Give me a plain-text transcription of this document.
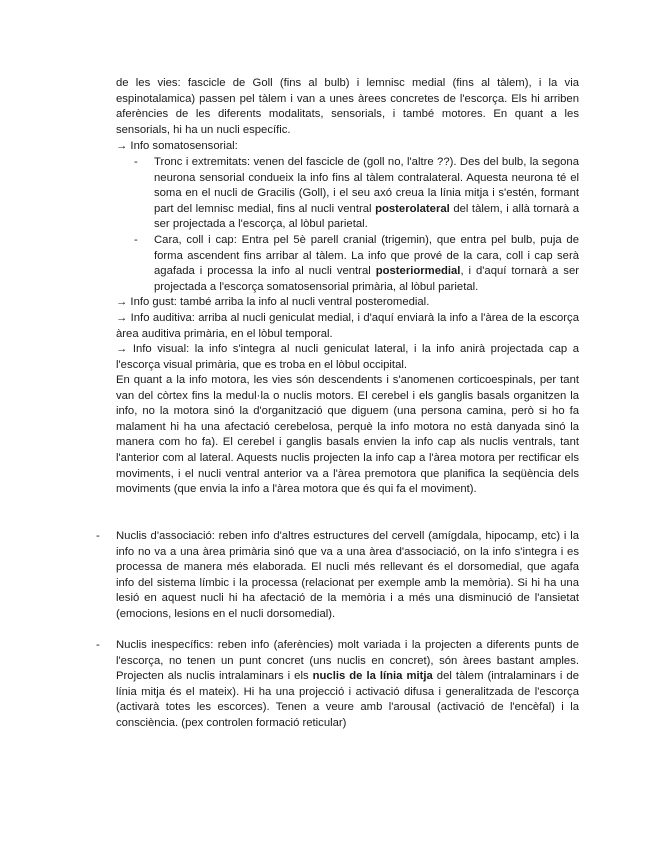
de les vies: fascicle de Goll (fins al bulb) i lemnisc medial (fins al tàlem), i la via espinotalamica) passen pel tàlem i van a unes àrees concretes de l'escorça. Els hi arriben aferències de les diferents modalitats, sensorials, i també motores. En quant a les sensorials, hi ha un nucli específic.

→ Info somatosensorial:

- Tronc i extremitats: venen del fascicle de (goll no, l'altre ??). Des del bulb, la segona neurona sensorial condueix la info fins al tàlem contralateral. Aquesta neurona té el soma en el nucli de Gracilis (Goll), i el seu axó creua la línia mitja i s'estén, formant part del lemnisc medial, fins al nucli ventral posterolateral del tàlem, i allà tornarà a ser projectada a l'escorça, al lòbul parietal.

- Cara, coll i cap: Entra pel 5è parell cranial (trigemin), que entra pel bulb, puja de forma ascendent fins arribar al tàlem. La info que prové de la cara, coll i cap serà agafada i processa la info al nucli ventral posteriormedial, i d'aquí tornarà a ser projectada a l'escorça somatosensorial primària, al lòbul parietal.

→ Info gust: també arriba la info al nucli ventral posteromedial.

→ Info auditiva: arriba al nucli geniculat medial, i d'aquí enviarà la info a l'àrea de la escorça àrea auditiva primària, en el lòbul temporal.

→ Info visual: la info s'integra al nucli geniculat lateral, i la info anirà projectada cap a l'escorça visual primària, que es troba en el lòbul occipital.

En quant a la info motora, les vies són descendents i s'anomenen corticoespinals, per tant van del còrtex fins la medul·la o nuclis motors. El cerebel i els ganglis basals organitzen la info, no la motora sinó la d'organització que diguem (una persona camina, però si ho fa malament hi ha una afectació cerebelosa, perquè la info motora no està danyada sinó la manera com ho fa). El cerebel i ganglis basals envien la info cap als nuclis ventrals, tant l'anterior com al lateral. Aquests nuclis projecten la info cap a l'àrea motora per rectificar els moviments, i el nucli ventral anterior va a l'àrea premotora que planifica la seqüència dels moviments (que envia la info a l'àrea motora que és qui fa el moviment).

- Nuclis d'associació: reben info d'altres estructures del cervell (amígdala, hipocamp, etc) i la info no va a una àrea primària sinó que va a una àrea d'associació, on la info s'integra i es processa de manera més elaborada. El nucli més rellevant és el dorsomedial, que agafa info del sistema límbic i la processa (relacionat per exemple amb la memòria). Si hi ha una lesió en aquest nucli hi ha afectació de la memòria i a més una disminució de l'ansietat (emocions, lesions en el nucli dorsomedial).

- Nuclis inespecífics: reben info (aferències) molt variada i la projecten a diferents punts de l'escorça, no tenen un punt concret (uns nuclis en concret), són àrees bastant amples. Projecten als nuclis intralaminars i els nuclis de la línia mitja del tàlem (intralaminars i de línia mitja és el mateix). Hi ha una projecció i activació difusa i generalitzada de l'escorça (activarà totes les escorces). Tenen a veure amb l'arousal (activació de l'encèfal) i la consciència. (pex controlen formació reticular)
